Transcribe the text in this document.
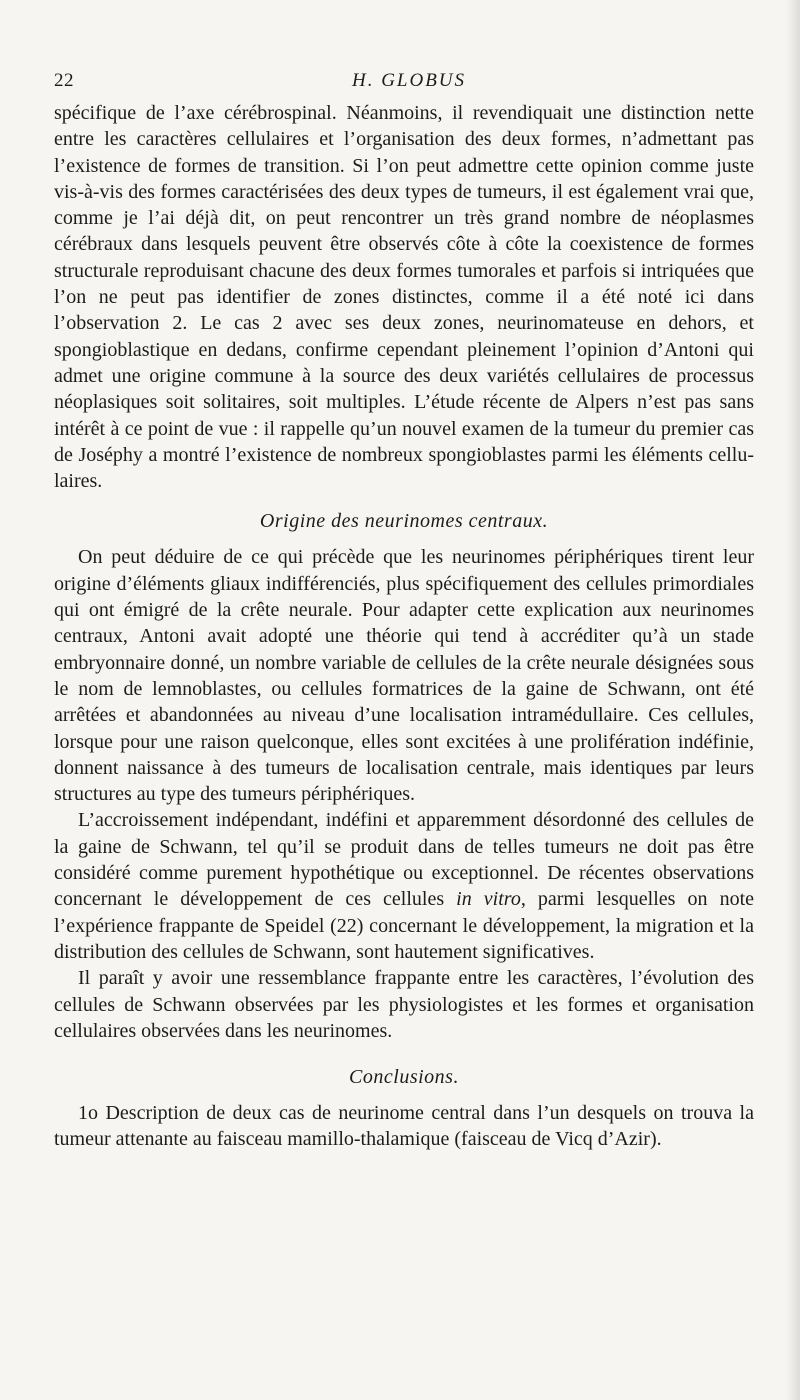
22	H. GLOBUS

spécifique de l’axe cérébrospinal. Néanmoins, il revendiquait une distinction nette entre les caractères cellulaires et l’organisation des deux formes, n’admettant pas l’existence de formes de transition. Si l’on peut admettre cette opinion comme juste vis-à-vis des formes caractérisées des deux types de tumeurs, il est également vrai que, comme je l’ai déjà dit, on peut rencontrer un très grand nombre de néoplasmes cérébraux dans lesquels peuvent être observés côte à côte la coexistence de formes structurale reproduisant chacune des deux formes tumorales et parfois si intriquées que l’on ne peut pas identifier de zones distinctes, comme il a été noté ici dans l’observation 2. Le cas 2 avec ses deux zones, neurinomateuse en dehors, et spongioblastique en dedans, confirme cependant pleinement l’opinion d’Antoni qui admet une origine commune à la source des deux variétés cellulaires de processus néoplasiques soit solitaires, soit multiples. L’étude récente de Alpers n’est pas sans intérêt à ce point de vue : il rappelle qu’un nouvel examen de la tumeur du premier cas de Joséphy a montré l’existence de nombreux spongioblastes parmi les éléments cellulaires.

Origine des neurinomes centraux.

On peut déduire de ce qui précède que les neurinomes périphériques tirent leur origine d’éléments gliaux indifférenciés, plus spécifiquement des cellules primordiales qui ont émigré de la crête neurale. Pour adapter cette explication aux neurinomes centraux, Antoni avait adopté une théorie qui tend à accréditer qu’à un stade embryonnaire donné, un nombre variable de cellules de la crête neurale désignées sous le nom de lemnoblastes, ou cellules formatrices de la gaine de Schwann, ont été arrêtées et abandonnées au niveau d’une localisation intramédullaire. Ces cellules, lorsque pour une raison quelconque, elles sont excitées à une prolifération indéfinie, donnent naissance à des tumeurs de localisation centrale, mais identiques par leurs structures au type des tumeurs périphériques.

L’accroissement indépendant, indéfini et apparemment désordonné des cellules de la gaine de Schwann, tel qu’il se produit dans de telles tumeurs ne doit pas être considéré comme purement hypothétique ou exceptionnel. De récentes observations concernant le développement de ces cellules in vitro, parmi lesquelles on note l’expérience frappante de Speidel (22) concernant le développement, la migration et la distribution des cellules de Schwann, sont hautement significatives.

Il paraît y avoir une ressemblance frappante entre les caractères, l’évolution des cellules de Schwann observées par les physiologistes et les formes et organisation cellulaires observées dans les neurinomes.

Conclusions.

1o Description de deux cas de neurinome central dans l’un desquels on trouva la tumeur attenante au faisceau mamillo-thalamique (faisceau de Vicq d’Azir).
